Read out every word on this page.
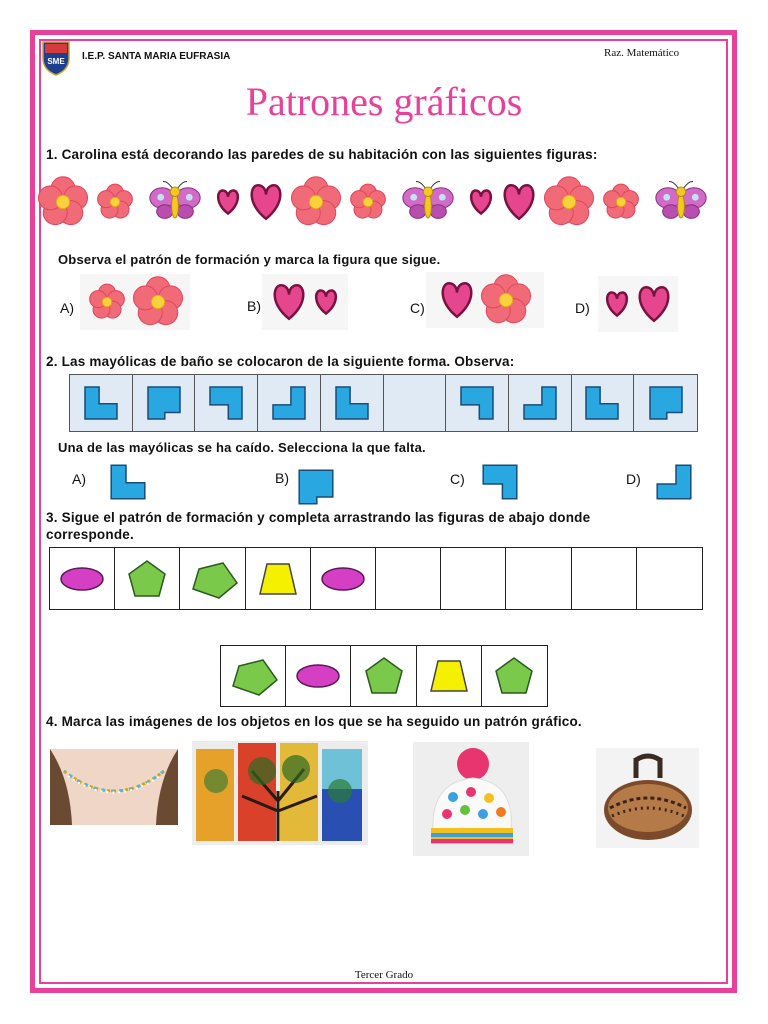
SME I.E.P. SANTA MARIA EUFRASIA	Raz. Matemático
Patrones gráficos
1. Carolina está decorando las paredes de su habitación con las siguientes figuras:
Observa el patrón de formación y marca la figura que sigue.
A)	B)	C)	D)
2. Las mayólicas de baño se colocaron de la siguiente forma. Observa:
Una de las mayólicas se ha caído. Selecciona la que falta.
A)	B)	C)	D)
3. Sigue el patrón de formación y completa arrastrando las figuras de abajo donde
corresponde.
4. Marca las imágenes de los objetos en los que se ha seguido un patrón gráfico.
Tercer Grado
